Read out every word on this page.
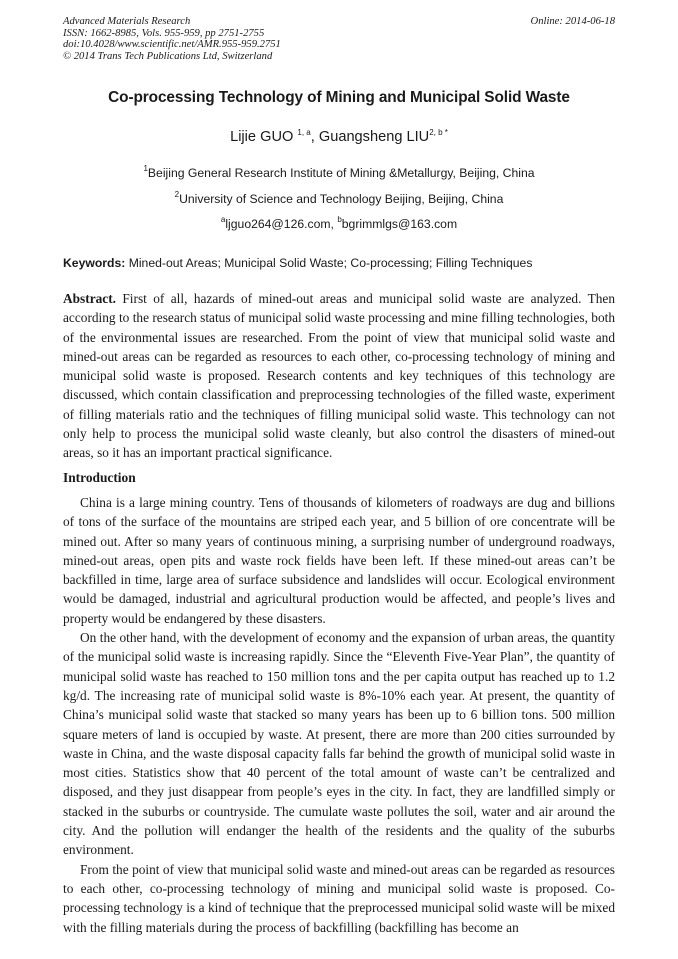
Advanced Materials Research
ISSN: 1662-8985, Vols. 955-959, pp 2751-2755
doi:10.4028/www.scientific.net/AMR.955-959.2751
© 2014 Trans Tech Publications Ltd, Switzerland
Online: 2014-06-18
Co-processing Technology of Mining and Municipal Solid Waste
Lijie GUO $^{1, a}$, Guangsheng $LIU^{2, b *}$
$^1$Beijing General Research Institute of Mining &Metallurgy, Beijing, China
$^2$University of Science and Technology Beijing, Beijing, China
$^a$ljguo264@126.com, $^b$bgrimmlgs@163.com
Keywords: Mined-out Areas; Municipal Solid Waste; Co-processing; Filling Techniques
Abstract. First of all, hazards of mined-out areas and municipal solid waste are analyzed. Then according to the research status of municipal solid waste processing and mine filling technologies, both of the environmental issues are researched. From the point of view that municipal solid waste and mined-out areas can be regarded as resources to each other, co-processing technology of mining and municipal solid waste is proposed. Research contents and key techniques of this technology are discussed, which contain classification and preprocessing technologies of the filled waste, experiment of filling materials ratio and the techniques of filling municipal solid waste. This technology can not only help to process the municipal solid waste cleanly, but also control the disasters of mined-out areas, so it has an important practical significance.
Introduction

China is a large mining country. Tens of thousands of kilometers of roadways are dug and billions of tons of the surface of the mountains are striped each year, and 5 billion of ore concentrate will be mined out. After so many years of continuous mining, a surprising number of underground roadways, mined-out areas, open pits and waste rock fields have been left. If these mined-out areas can’t be backfilled in time, large area of surface subsidence and landslides will occur. Ecological environment would be damaged, industrial and agricultural production would be affected, and people’s lives and property would be endangered by these disasters.

On the other hand, with the development of economy and the expansion of urban areas, the quantity of the municipal solid waste is increasing rapidly. Since the “Eleventh Five-Year Plan”, the quantity of municipal solid waste has reached to 150 million tons and the per capita output has reached up to 1.2 kg/d. The increasing rate of municipal solid waste is 8%-10% each year. At present, the quantity of China’s municipal solid waste that stacked so many years has been up to 6 billion tons. 500 million square meters of land is occupied by waste. At present, there are more than 200 cities surrounded by waste in China, and the waste disposal capacity falls far behind the growth of municipal solid waste in most cities. Statistics show that 40 percent of the total amount of waste can’t be centralized and disposed, and they just disappear from people’s eyes in the city. In fact, they are landfilled simply or stacked in the suburbs or countryside. The cumulate waste pollutes the soil, water and air around the city. And the pollution will endanger the health of the residents and the quality of the suburbs environment.

From the point of view that municipal solid waste and mined-out areas can be regarded as resources to each other, co-processing technology of mining and municipal solid waste is proposed. Co-processing technology is a kind of technique that the preprocessed municipal solid waste will be mixed with the filling materials during the process of backfilling (backfilling has become an
